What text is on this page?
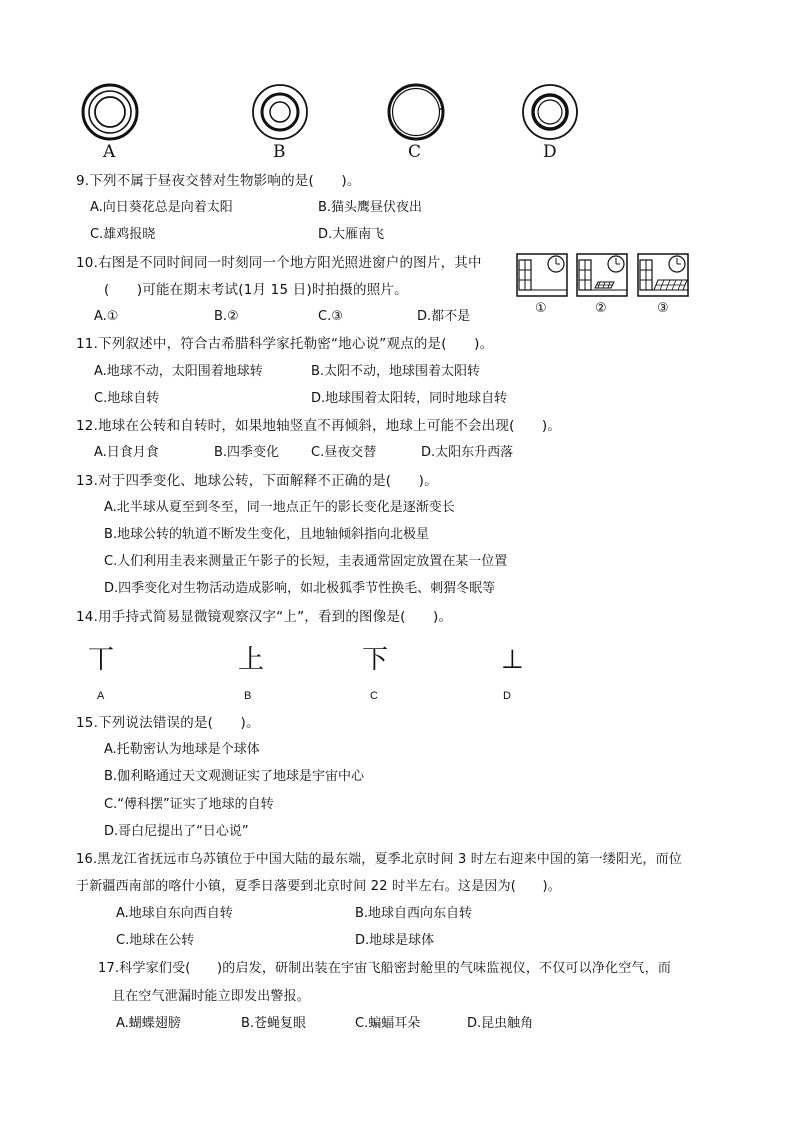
A	B	C	D
9.下列不属于昼夜交替对生物影响的是(　　)。
A.向日葵花总是向着太阳	B.猫头鹰昼伏夜出
C.雄鸡报晓	D.大雁南飞
10.右图是不同时间同一时刻同一个地方阳光照进窗户的图片，其中
(　　)可能在期末考试(1月 15 日)时拍摄的照片。
A.①	B.②	C.③	D.都不是
①	②	③
11.下列叙述中，符合古希腊科学家托勒密“地心说”观点的是(　　)。
A.地球不动，太阳围着地球转	B.太阳不动，地球围着太阳转
C.地球自转	D.地球围着太阳转，同时地球自转
12.地球在公转和自转时，如果地轴竖直不再倾斜，地球上可能不会出现(　　)。
A.日食月食	B.四季变化 C.昼夜交替	D.太阳东升西落
13.对于四季变化、地球公转，下面解释不正确的是(　　)。
A.北半球从夏至到冬至，同一地点正午的影长变化是逐渐变长
B.地球公转的轨道不断发生变化，且地轴倾斜指向北极星
C.人们利用圭表来测量正午影子的长短，圭表通常固定放置在某一位置
D.四季变化对生物活动造成影响，如北极狐季节性换毛、刺猬冬眠等
14.用手持式简易显微镜观察汉字“上”，看到的图像是(　　)。
丅	上	下	⊥
A	B	C	D
15.下列说法错误的是(　　)。
A.托勒密认为地球是个球体
B.伽利略通过天文观测证实了地球是宇宙中心
C.“傅科摆”证实了地球的自转
D.哥白尼提出了“日心说”
16.黑龙江省抚远市乌苏镇位于中国大陆的最东端，夏季北京时间 3 时左右迎来中国的第一缕阳光，而位
于新疆西南部的喀什小镇，夏季日落要到北京时间 22 时半左右。这是因为(　　)。
A.地球自东向西自转	B.地球自西向东自转
C.地球在公转	D.地球是球体
17.科学家们受(　　)的启发，研制出装在宇宙飞船密封舱里的气味监视仪，不仅可以净化空气，而
且在空气泄漏时能立即发出警报。
A.蝴蝶翅膀	B.苍蝇复眼	C.蝙蝠耳朵	D.昆虫触角
